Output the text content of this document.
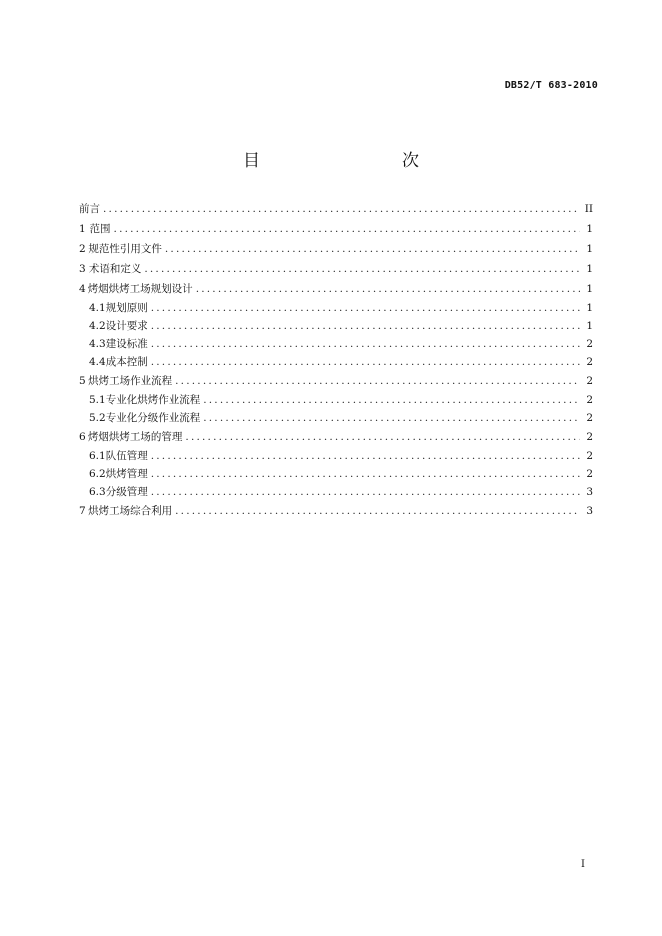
DB52/T 683-2010
目　　次
前言 .....	II
1 范围 .....	1
2 规范性引用文件 .....	1
3 术语和定义 .....	1
4 烤烟烘烤工场规划设计 .....	1
4.1 规划原则 .....	1
4.2 设计要求 .....	1
4.3 建设标准 .....	2
4.4 成本控制 .....	2
5 烘烤工场作业流程 .....	2
5.1 专业化烘烤作业流程 .....	2
5.2 专业化分级作业流程 .....	2
6 烤烟烘烤工场的管理 .....	2
6.1 队伍管理 .....	2
6.2 烘烤管理 .....	2
6.3 分级管理 .....	3
7 烘烤工场综合利用 .....	3
I
